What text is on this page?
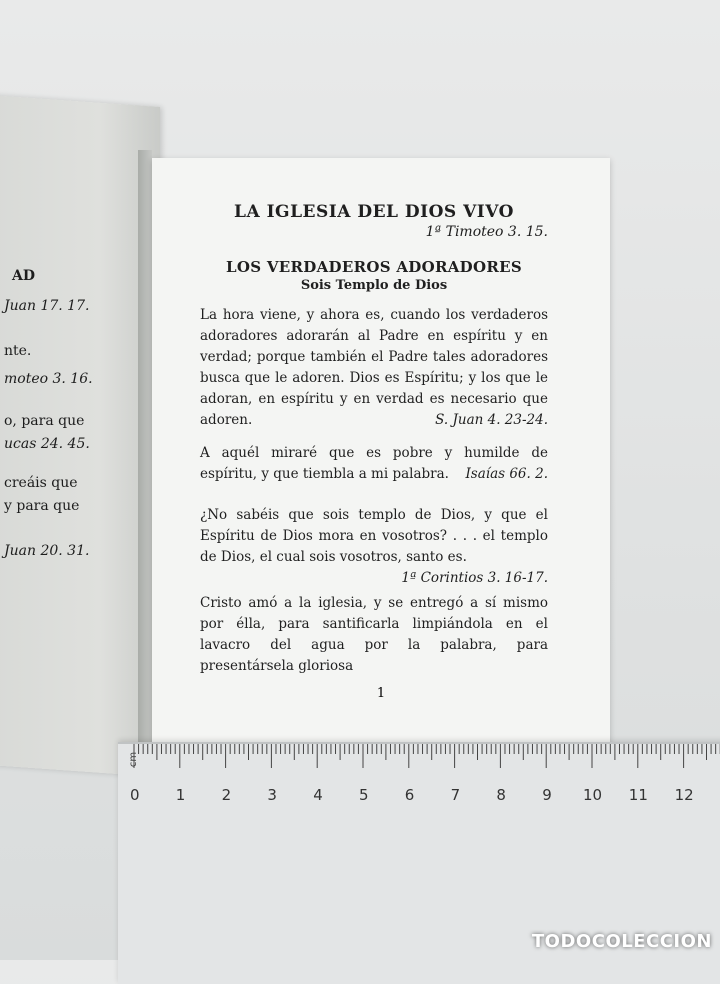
AD
Juan 17. 17.
nte.
moteo 3. 16.
o, para que
ucas 24. 45.
creáis que
y para que
Juan 20. 31.

LA IGLESIA DEL DIOS VIVO

1ª Timoteo 3. 15.

LOS VERDADEROS ADORADORES

Sois Templo de Dios

La hora viene, y ahora es, cuando los verdaderos adoradores adorarán al Padre en espíritu y en verdad; porque también el Padre tales adoradores busca que le adoren. Dios es Espíritu; y los que le adoran, en espíritu y en verdad es necesario que adoren.	S. Juan 4. 23-24.

A aquél miraré que es pobre y humilde de espíritu, y que tiembla a mi palabra. Isaías 66. 2.

¿No sabéis que sois templo de Dios, y que el Espíritu de Dios mora en vosotros? . . . el templo de Dios, el cual sois vosotros, santo es.

1ª Corintios 3. 16-17.

Cristo amó a la iglesia, y se entregó a sí mismo por élla, para santificarla limpiándola en el lavacro del agua por la palabra, para presentársela gloriosa

1
cm
0 1 2 3 4 5 6 7 8 9 10 11 12
TODOCOLECCION
